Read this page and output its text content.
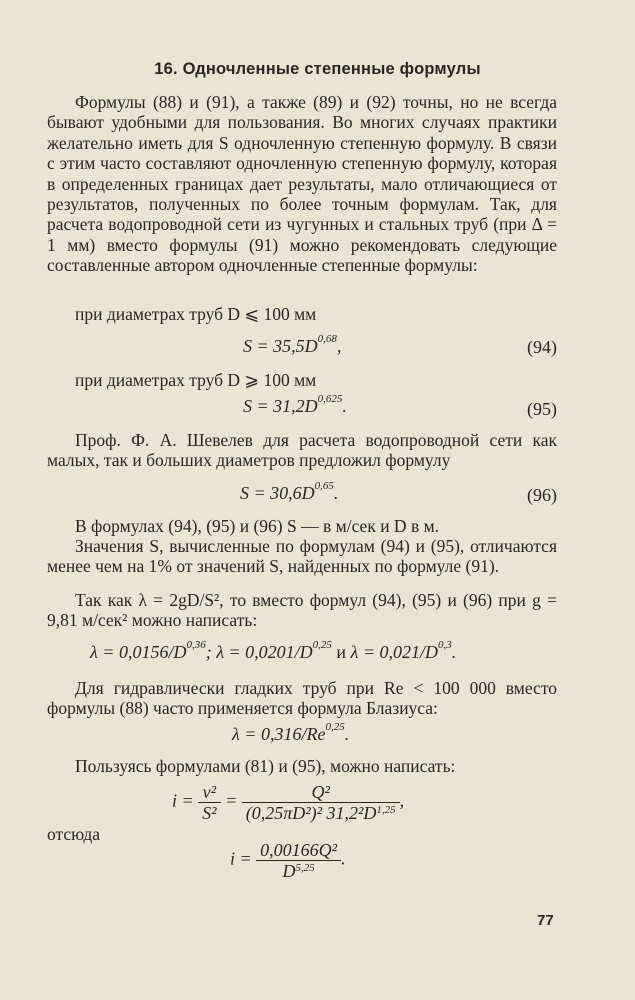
16. Одночленные степенные формулы
Формулы (88) и (91), а также (89) и (92) точны, но не всегда бывают удобными для пользования. Во многих случаях практики желательно иметь для S одночленную степенную формулу. В связи с этим часто составляют одночленную степенную формулу, которая в определенных границах дает результаты, мало отличающиеся от результатов, полученных по более точным формулам. Так, для расчета водопроводной сети из чугунных и стальных труб (при Δ = 1 мм) вместо формулы (91) можно рекомендовать следующие составленные автором одночленные степенные формулы:
при диаметрах труб D ⩽ 100 мм
$S = 35,5D^{0,68}$,	(94)
при диаметрах труб D ⩾ 100 мм
$S = 31,2D^{0,625}$.	(95)
Проф. Ф. А. Шевелев для расчета водопроводной сети как малых, так и больших диаметров предложил формулу
$S = 30,6D^{0,65}$.	(96)
В формулах (94), (95) и (96) S — в м/сек и D в м.
Значения S, вычисленные по формулам (94) и (95), отличаются менее чем на 1% от значений S, найденных по формуле (91).
Так как λ = 2gD/S², то вместо формул (94), (95) и (96) при g = 9,81 м/сек² можно написать:
$\lambda = 0,0156/D^{0,36}$; $\lambda = 0,0201/D^{0,25}$ и $\lambda = 0,021/D^{0,3}$.
Для гидравлически гладких труб при Re < 100 000 вместо формулы (88) часто применяется формула Блазиуса:
λ = 0,316/Re$^{0,25}$.
Пользуясь формулами (81) и (95), можно написать:
$i = \frac{\text{v²}}{\text{S²}} = \frac{\text{Q²}}{(0,25\pi D^2)^2 31,2^2D^{1,25}}$ ,
отсюда
$i = \frac{\text{0,00166Q²}}{D^{5,25}}$ .
77
